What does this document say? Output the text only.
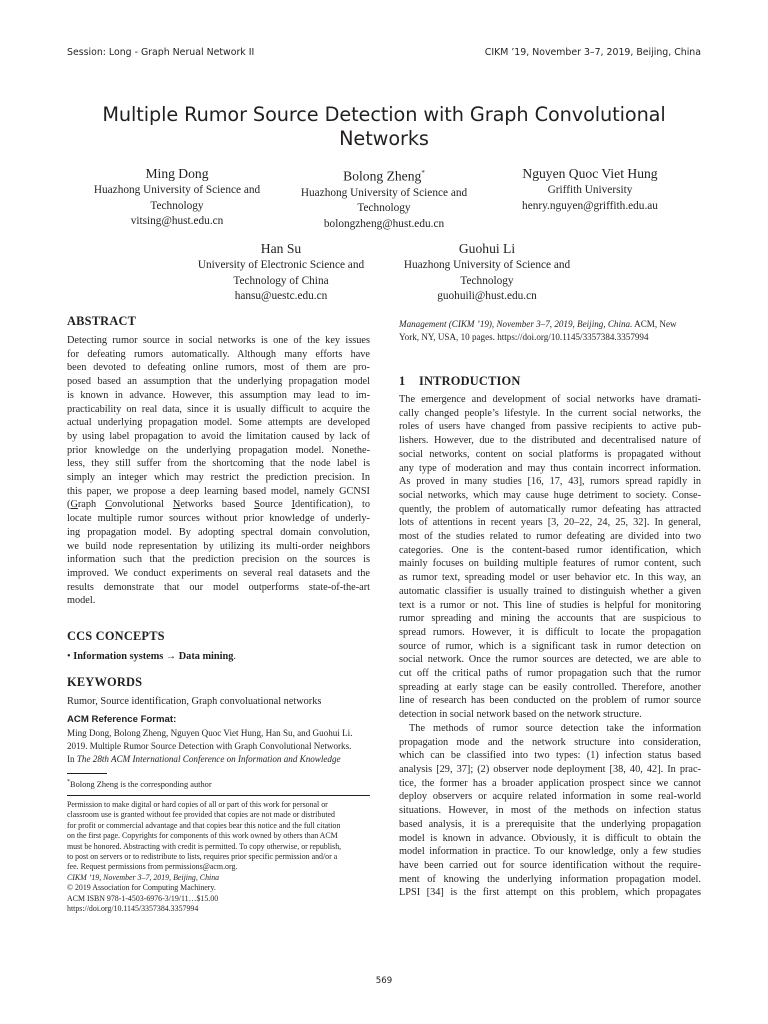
Session: Long - Graph Nerual Network II	CIKM ’19, November 3–7, 2019, Beijing, China
Multiple Rumor Source Detection with Graph Convolutional
Networks
Ming Dong
Huazhong University of Science and
Technology
vitsing@hust.edu.cn
Bolong Zheng*
Huazhong University of Science and
Technology
bolongzheng@hust.edu.cn
Nguyen Quoc Viet Hung
Griffith University
henry.nguyen@griffith.edu.au
Han Su
University of Electronic Science and
Technology of China
hansu@uestc.edu.cn
Guohui Li
Huazhong University of Science and
Technology
guohuili@hust.edu.cn
ABSTRACT
Detecting rumor source in social networks is one of the key issues
for defeating rumors automatically. Although many efforts have
been devoted to defeating online rumors, most of them are pro-
posed based an assumption that the underlying propagation model
is known in advance. However, this assumption may lead to im-
practicability on real data, since it is usually difficult to acquire the
actual underlying propagation model. Some attempts are developed
by using label propagation to avoid the limitation caused by lack of
prior knowledge on the underlying propagation model. Nonethe-
less, they still suffer from the shortcoming that the node label is
simply an integer which may restrict the prediction precision. In
this paper, we propose a deep learning based model, namely GCNSI
(Graph Convolutional Networks based Source Identification), to
locate multiple rumor sources without prior knowledge of underly-
ing propagation model. By adopting spectral domain convolution,
we build node representation by utilizing its multi-order neighbors
information such that the prediction precision on the sources is
improved. We conduct experiments on several real datasets and the
results demonstrate that our model outperforms state-of-the-art
model.
CCS CONCEPTS
• Information systems → Data mining.
KEYWORDS
Rumor, Source identification, Graph convoluational networks
ACM Reference Format:
Ming Dong, Bolong Zheng, Nguyen Quoc Viet Hung, Han Su, and Guohui Li.
2019. Multiple Rumor Source Detection with Graph Convolutional Networks.
In The 28th ACM International Conference on Information and Knowledge
*Bolong Zheng is the corresponding author
Permission to make digital or hard copies of all or part of this work for personal or
classroom use is granted without fee provided that copies are not made or distributed
for profit or commercial advantage and that copies bear this notice and the full citation
on the first page. Copyrights for components of this work owned by others than ACM
must be honored. Abstracting with credit is permitted. To copy otherwise, or republish,
to post on servers or to redistribute to lists, requires prior specific permission and/or a
fee. Request permissions from permissions@acm.org.
CIKM ’19, November 3–7, 2019, Beijing, China
© 2019 Association for Computing Machinery.
ACM ISBN 978-1-4503-6976-3/19/11…$15.00
https://doi.org/10.1145/3357384.3357994
Management (CIKM ’19), November 3–7, 2019, Beijing, China. ACM, New
York, NY, USA, 10 pages. https://doi.org/10.1145/3357384.3357994
1 INTRODUCTION
The emergence and development of social networks have dramati-
cally changed people’s lifestyle. In the current social networks, the
roles of users have changed from passive recipients to active pub-
lishers. However, due to the distributed and decentralised nature of
social networks, content on social platforms is propagated without
any type of moderation and may thus contain incorrect information.
As proved in many studies [16, 17, 43], rumors spread rapidly in
social networks, which may cause huge detriment to society. Conse-
quently, the problem of automatically rumor defeating has attracted
lots of attentions in recent years [3, 20–22, 24, 25, 32]. In general,
most of the studies related to rumor defeating are divided into two
categories. One is the content-based rumor identification, which
mainly focuses on building multiple features of rumor content, such
as rumor text, spreading model or user behavior etc. In this way, an
automatic classifier is usually trained to distinguish whether a given
text is a rumor or not. This line of studies is helpful for monitoring
rumor spreading and mining the accounts that are suspicious to
spread rumors. However, it is difficult to locate the propagation
source of rumor, which is a significant task in rumor detection on
social network. Once the rumor sources are detected, we are able to
cut off the critical paths of rumor propagation such that the rumor
spreading at early stage can be easily controlled. Therefore, another
line of research has been conducted on the problem of rumor source
detection in social network based on the network structure.
The methods of rumor source detection take the information
propagation mode and the network structure into consideration,
which can be classified into two types: (1) infection status based
analysis [29, 37]; (2) observer node deployment [38, 40, 42]. In prac-
tice, the former has a broader application prospect since we cannot
deploy observers or acquire related information in some real-world
situations. However, in most of the methods on infection status
based analysis, it is a prerequisite that the underlying propagation
model is known in advance. Obviously, it is difficult to obtain the
model information in practice. To our knowledge, only a few studies
have been carried out for source identification without the require-
ment of knowing the underlying information propagation model.
LPSI [34] is the first attempt on this problem, which propagates
569
